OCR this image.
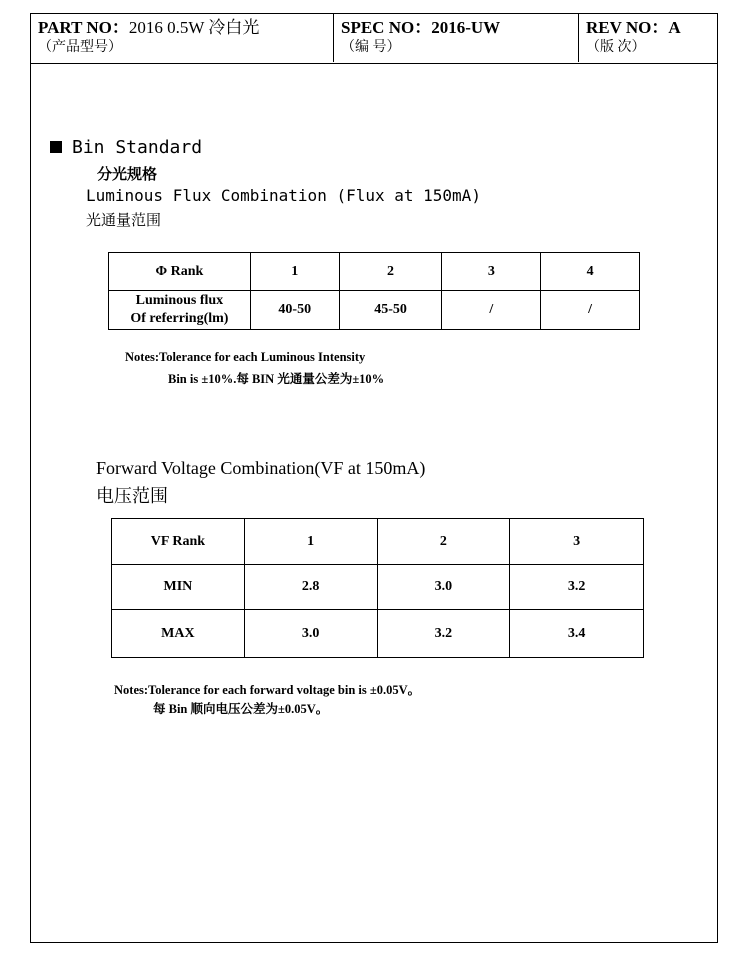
PART NO：2016 0.5W 冷白光
（产品型号）
SPEC NO：2016-UW
（编 号）
REV NO：A
（版 次）
Bin Standard
分光规格
Luminous Flux Combination (Flux at 150mA)
光通量范围
Φ Rank	1	2	3	4
Luminous flux
Of referring(lm)	40-50	45-50	/	/
Notes:Tolerance for each Luminous Intensity
Bin is ±10%.每 BIN 光通量公差为±10%
Forward Voltage Combination(VF at 150mA)
电压范围
VF Rank	1	2	3
MIN	2.8	3.0	3.2
MAX	3.0	3.2	3.4
Notes:Tolerance for each forward voltage bin is ±0.05V。
每 Bin 顺向电压公差为±0.05V。
